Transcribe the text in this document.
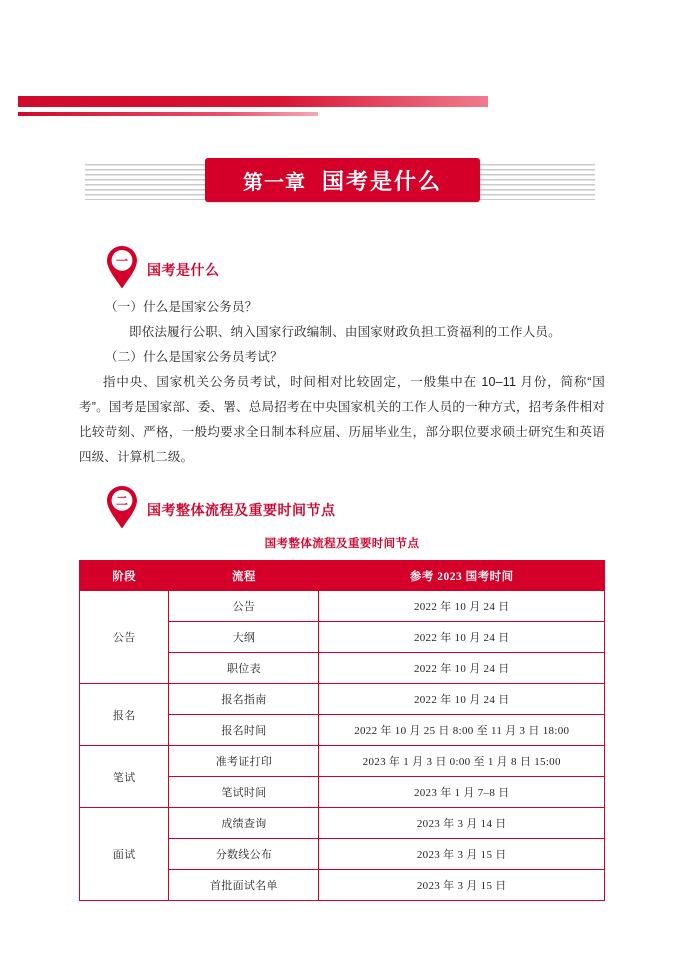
第一章 国考是什么
一
国考是什么
（一）什么是国家公务员？
即依法履行公职、纳入国家行政编制、由国家财政负担工资福利的工作人员。
（二）什么是国家公务员考试？
指中央、国家机关公务员考试，时间相对比较固定，一般集中在 10–11 月份，简称“国考”。国考是国家部、委、署、总局招考在中央国家机关的工作人员的一种方式，招考条件相对比较苛刻、严格，一般均要求全日制本科应届、历届毕业生，部分职位要求硕士研究生和英语四级、计算机二级。
二
国考整体流程及重要时间节点
国考整体流程及重要时间节点
阶段	流程	参考 2023 国考时间
公告	公告	2022 年 10 月 24 日
	大纲	2022 年 10 月 24 日
	职位表	2022 年 10 月 24 日
报名	报名指南	2022 年 10 月 24 日
	报名时间	2022 年 10 月 25 日 8:00 至 11 月 3 日 18:00
笔试	准考证打印	2023 年 1 月 3 日 0:00 至 1 月 8 日 15:00
	笔试时间	2023 年 1 月 7–8 日
面试	成绩查询	2023 年 3 月 14 日
	分数线公布	2023 年 3 月 15 日
	首批面试名单	2023 年 3 月 15 日
